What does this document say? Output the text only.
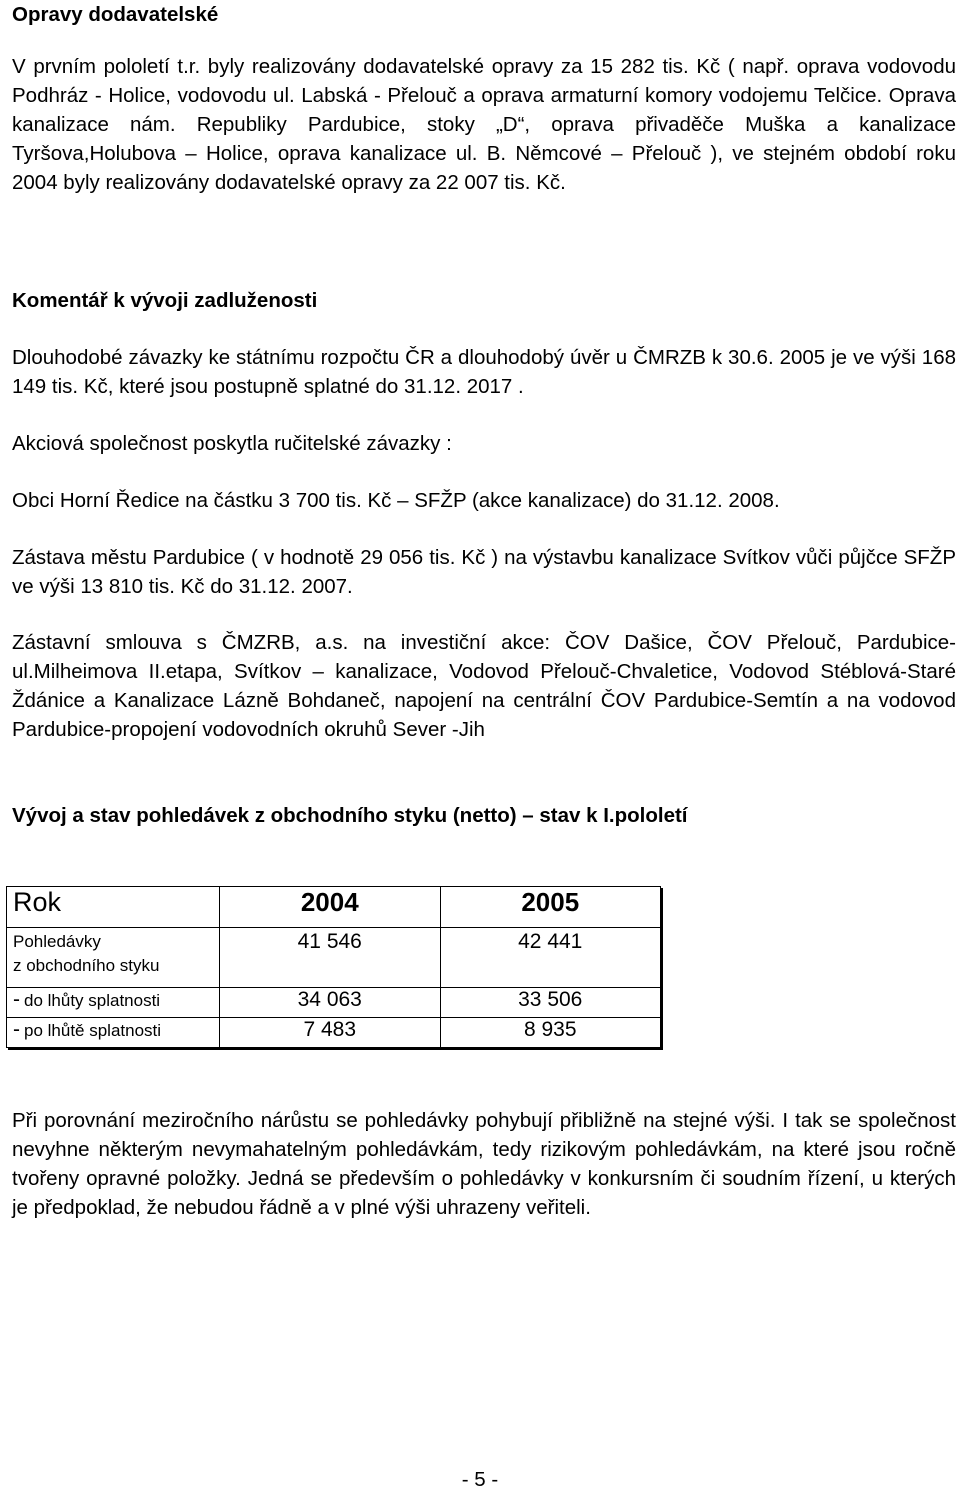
Opravy dodavatelské

V prvním pololetí t.r. byly realizovány dodavatelské opravy za 15 282 tis. Kč ( např. oprava vodovodu Podhráz - Holice, vodovodu ul. Labská - Přelouč a oprava armaturní komory vodojemu Telčice. Oprava kanalizace nám. Republiky Pardubice, stoky „D“, oprava přivaděče Muška a kanalizace Tyršova,Holubova – Holice, oprava kanalizace ul. B. Němcové – Přelouč ), ve stejném období roku 2004 byly realizovány dodavatelské opravy za 22 007 tis. Kč.

Komentář k vývoji zadluženosti

Dlouhodobé závazky ke státnímu rozpočtu ČR a dlouhodobý úvěr u ČMRZB k 30.6. 2005 je ve výši 168 149 tis. Kč, které jsou postupně splatné do 31.12. 2017 .

Akciová společnost poskytla ručitelské závazky :

Obci Horní Ředice na částku 3 700 tis. Kč – SFŽP (akce kanalizace) do 31.12. 2008.

Zástava městu Pardubice ( v hodnotě 29 056 tis. Kč ) na výstavbu kanalizace Svítkov vůči půjčce SFŽP ve výši 13 810 tis. Kč do 31.12. 2007.

Zástavní smlouva s ČMZRB, a.s. na investiční akce: ČOV Dašice, ČOV Přelouč, Pardubice-ul.Milheimova II.etapa, Svítkov – kanalizace, Vodovod Přelouč-Chvaletice, Vodovod Stéblová-Staré Ždánice a Kanalizace Lázně Bohdaneč, napojení na centrální ČOV Pardubice-Semtín a na vodovod Pardubice-propojení vodovodních okruhů Sever -Jih

Vývoj a stav pohledávek z obchodního styku (netto) – stav k I.pololetí

Rok	2004	2005
Pohledávky
z obchodního styku	41 546	42 441
- do lhůty splatnosti	34 063	33 506
- po lhůtě splatnosti	7 483	8 935

Při porovnání meziročního nárůstu se pohledávky pohybují přibližně na stejné výši. I tak se společnost nevyhne některým nevymahatelným pohledávkám, tedy rizikovým pohledávkám, na které jsou ročně tvořeny opravné položky. Jedná se především o pohledávky v konkursním či soudním řízení, u kterých je předpoklad, že nebudou řádně a v plné výši uhrazeny veřiteli.

- 5 -
